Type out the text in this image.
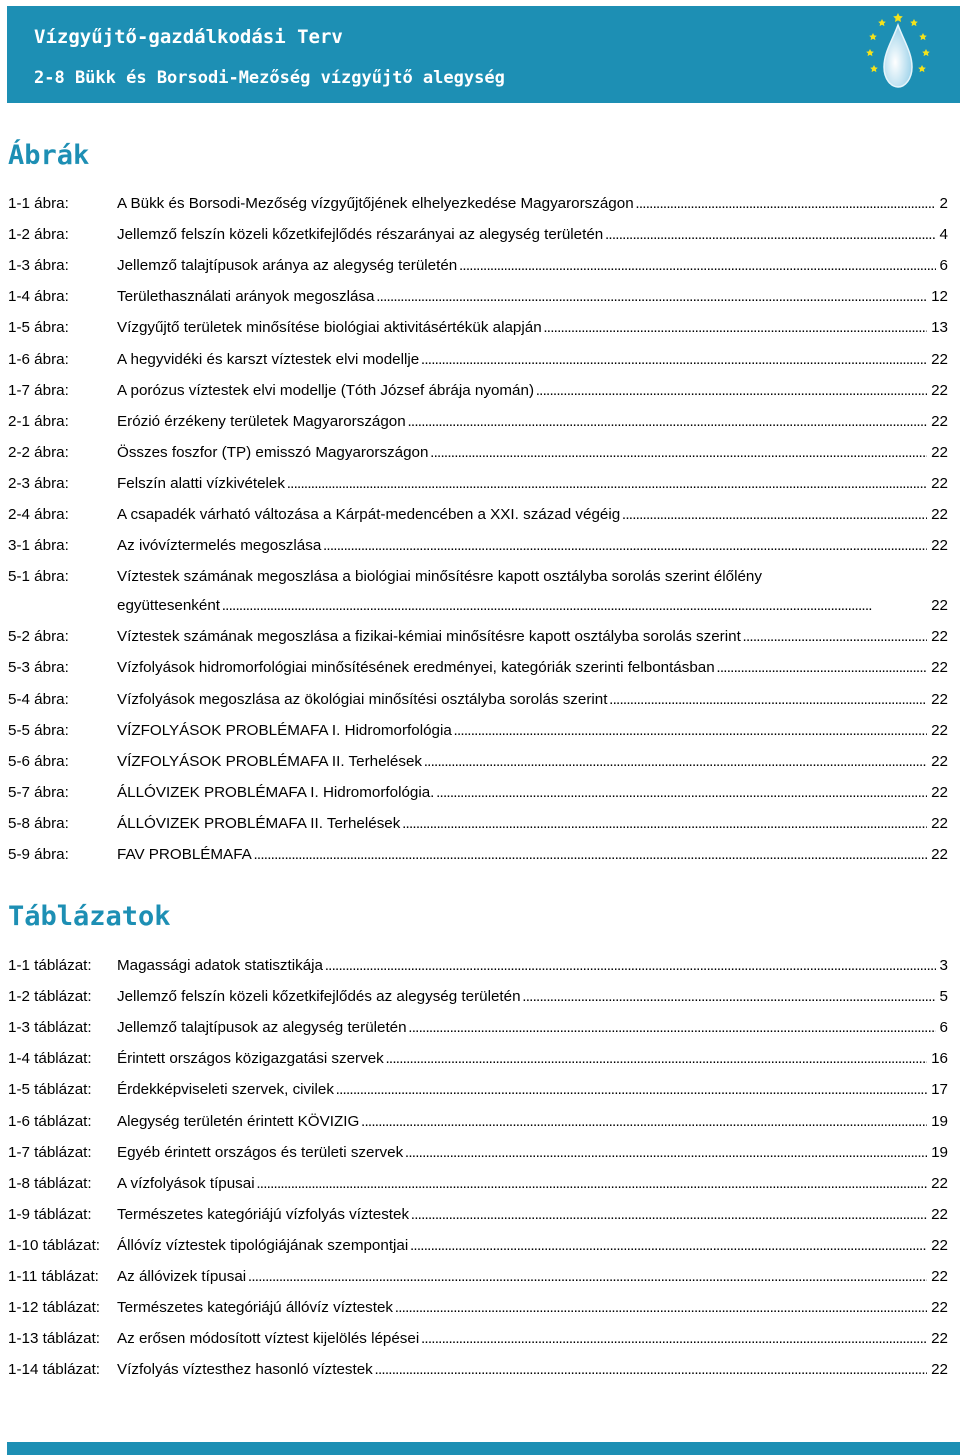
Vízgyűjtő-gazdálkodási Terv
2-8 Bükk és Borsodi-Mezőség vízgyűjtő alegység
Ábrák
1-1 ábra:	A Bükk és Borsodi-Mezőség vízgyűjtőjének elhelyezkedése Magyarországon . . .	2
1-2 ábra:	Jellemző felszín közeli kőzetkifejlődés részarányai az alegység területén . . .	4
1-3 ábra:	Jellemző talajtípusok aránya az alegység területén . . .	6
1-4 ábra:	Területhasználati arányok megoszlása . . .	12
1-5 ábra:	Vízgyűjtő területek minősítése biológiai aktivitásértékük alapján . . .	13
1-6 ábra:	A hegyvidéki és karszt víztestek elvi modellje . . .	22
1-7 ábra:	A porózus víztestek elvi modellje (Tóth József ábrája nyomán) . . .	22
2-1 ábra:	Erózió érzékeny területek Magyarországon . . .	22
2-2 ábra:	Összes foszfor (TP) emisszó Magyarországon . . .	22
2-3 ábra:	Felszín alatti vízkivételek . . .	22
2-4 ábra:	A csapadék várható változása a Kárpát-medencében a XXI. század végéig . . .	22
3-1 ábra:	Az ivóvíztermelés megoszlása . . .	22
5-1 ábra:	Víztestek számának megoszlása a biológiai minősítésre kapott osztályba sorolás szerint élőlény
együttesenként . . .	22
5-2 ábra:	Víztestek számának megoszlása a fizikai-kémiai minősítésre kapott osztályba sorolás szerint . . .	22
5-3 ábra:	Vízfolyások hidromorfológiai minősítésének eredményei, kategóriák szerinti felbontásban . . .	22
5-4 ábra:	Vízfolyások megoszlása az ökológiai minősítési osztályba sorolás szerint . . .	22
5-5 ábra:	VÍZFOLYÁSOK PROBLÉMAFA I. Hidromorfológia . . .	22
5-6 ábra:	VÍZFOLYÁSOK PROBLÉMAFA II. Terhelések . . .	22
5-7 ábra:	ÁLLÓVIZEK PROBLÉMAFA I. Hidromorfológia. . . .	22
5-8 ábra:	ÁLLÓVIZEK PROBLÉMAFA II. Terhelések . . .	22
5-9 ábra:	FAV PROBLÉMAFA . . .	22
Táblázatok
1-1 táblázat: Magassági adatok statisztikája . . .	3
1-2 táblázat: Jellemző felszín közeli kőzetkifejlődés az alegység területén . . .	5
1-3 táblázat: Jellemző talajtípusok az alegység területén . . .	6
1-4 táblázat: Érintett országos közigazgatási szervek . . .	16
1-5 táblázat: Érdekképviseleti szervek, civilek . . .	17
1-6 táblázat: Alegység területén érintett KÖVIZIG . . .	19
1-7 táblázat: Egyéb érintett országos és területi szervek . . .	19
1-8 táblázat: A vízfolyások típusai . . .	22
1-9 táblázat: Természetes kategóriájú vízfolyás víztestek . . .	22
1-10 táblázat: Állóvíz víztestek tipológiájának szempontjai . . .	22
1-11 táblázat: Az állóvizek típusai . . .	22
1-12 táblázat: Természetes kategóriájú állóvíz víztestek . . .	22
1-13 táblázat: Az erősen módosított víztest kijelölés lépései . . .	22
1-14 táblázat: Vízfolyás víztesthez hasonló víztestek . . .	22
